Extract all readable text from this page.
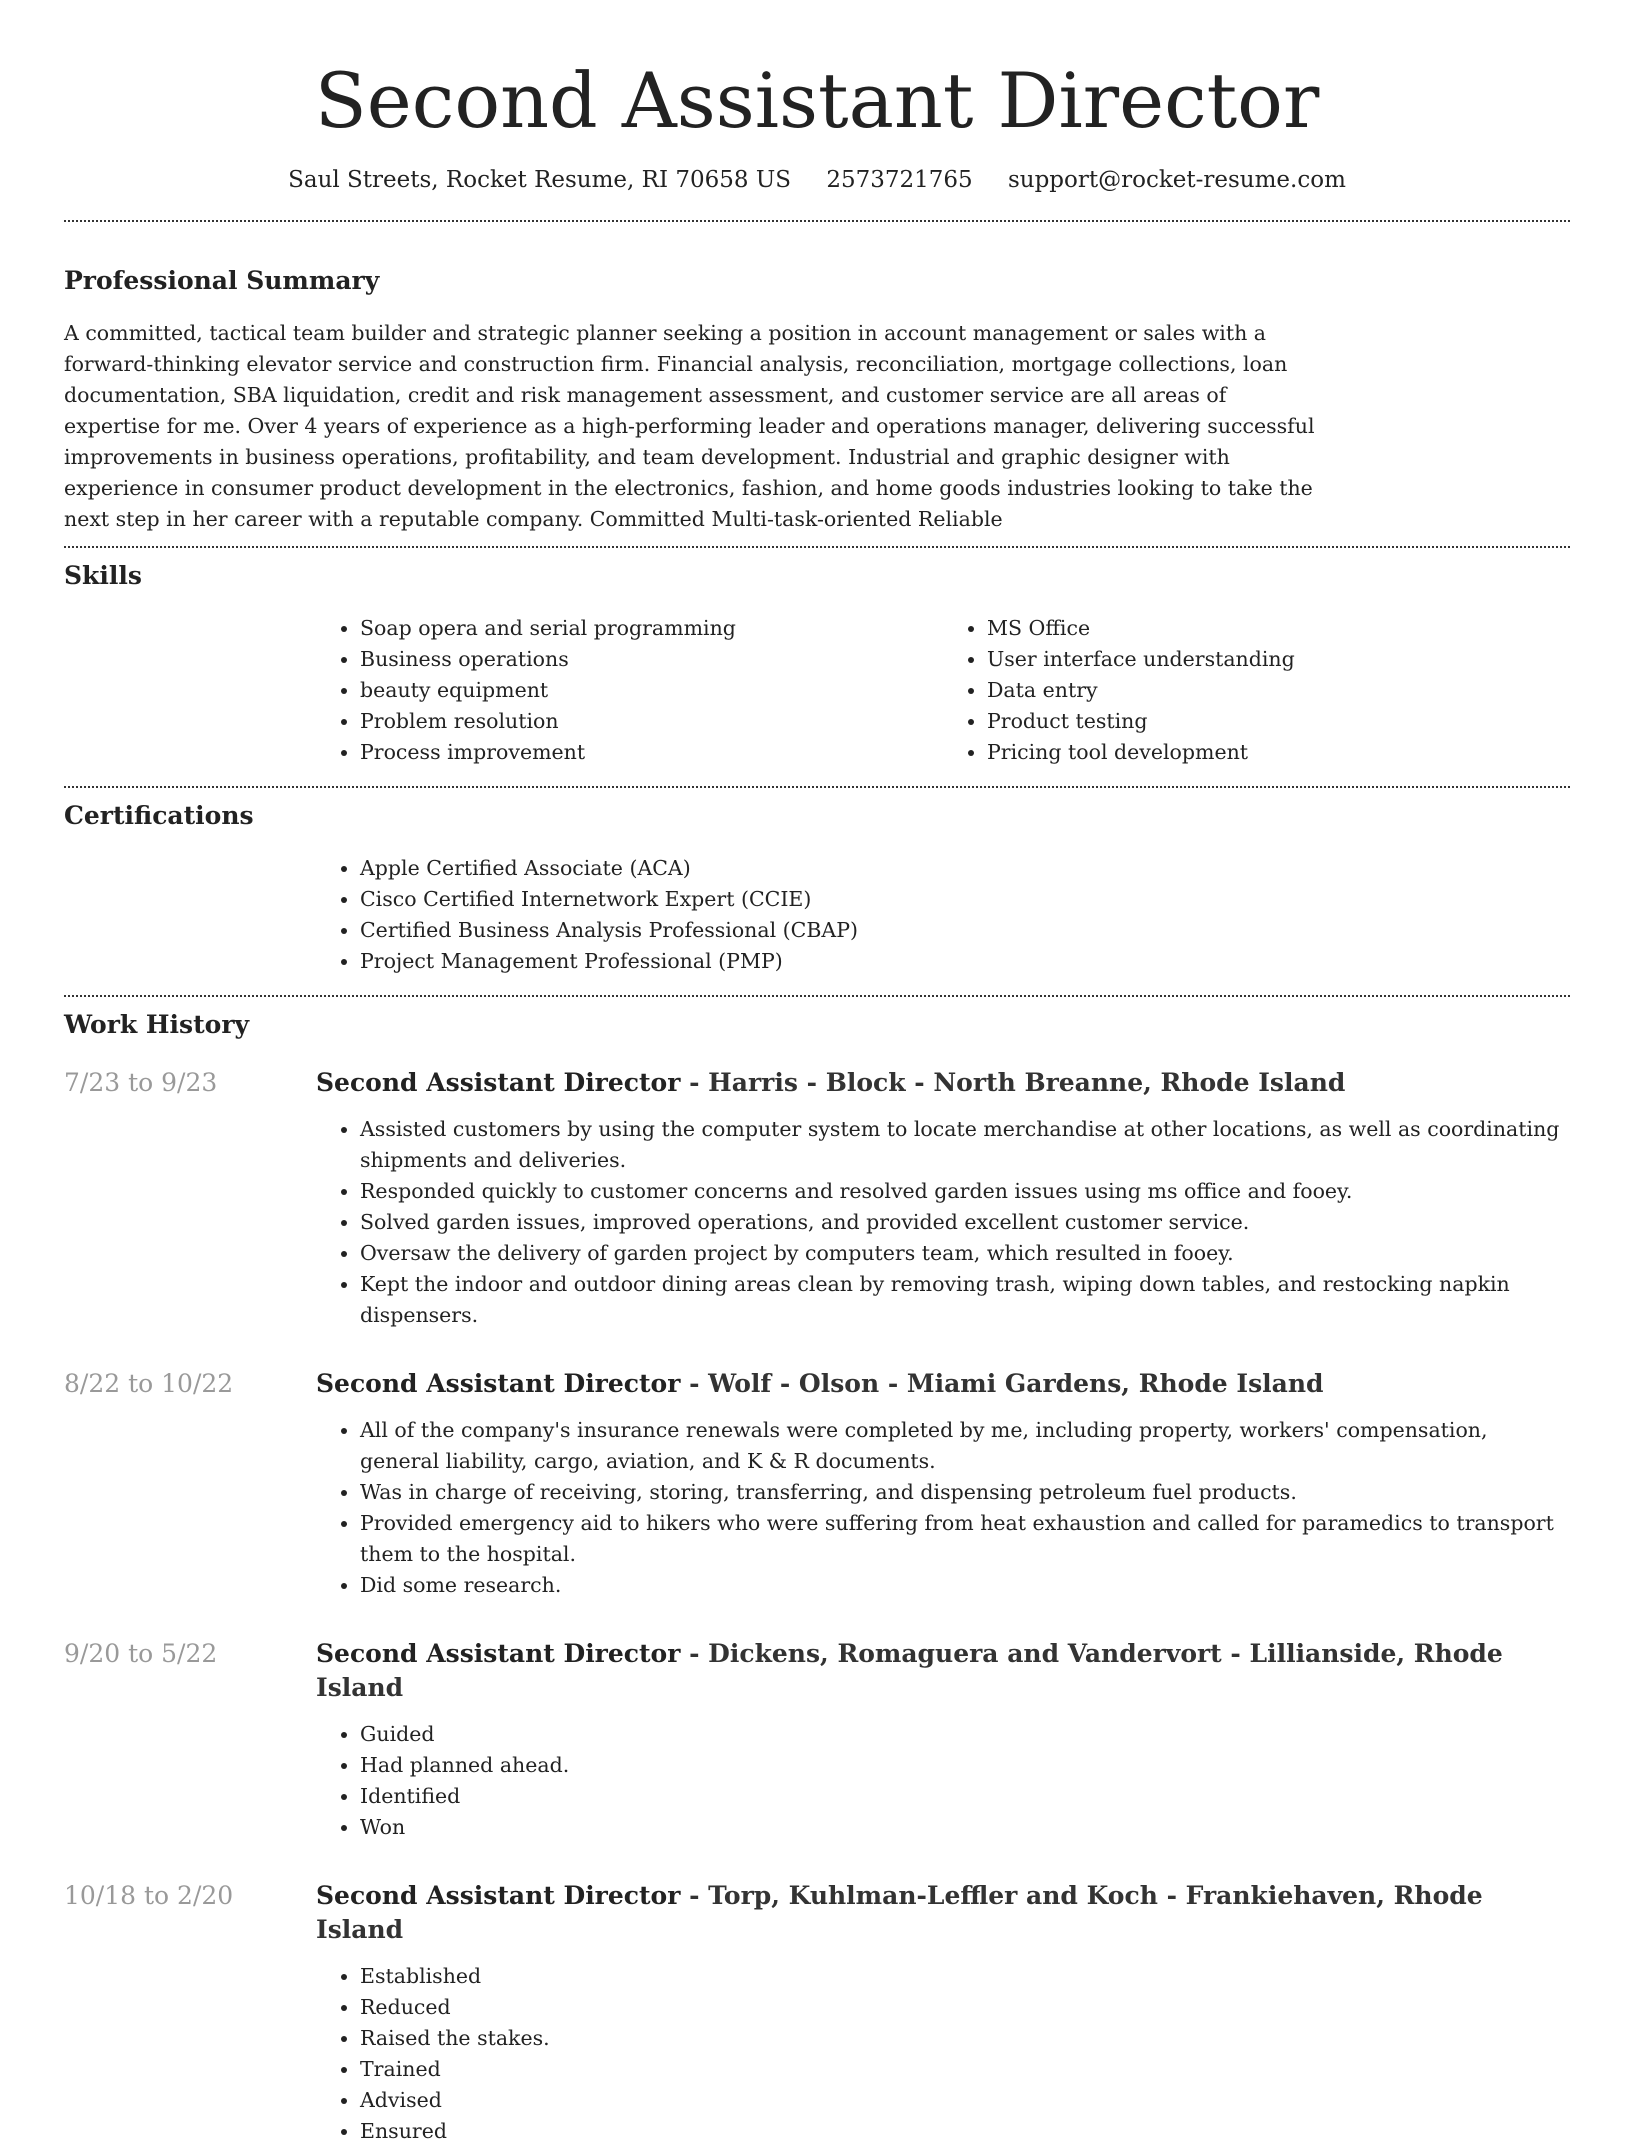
Second Assistant Director
Saul Streets, Rocket Resume, RI 70658 US 2573721765 support@rocket-resume.com
Professional Summary

A committed, tactical team builder and strategic planner seeking a position in account management or sales with a forward-thinking elevator service and construction firm. Financial analysis, reconciliation, mortgage collections, loan documentation, SBA liquidation, credit and risk management assessment, and customer service are all areas of expertise for me. Over 4 years of experience as a high-performing leader and operations manager, delivering successful improvements in business operations, profitability, and team development. Industrial and graphic designer with experience in consumer product development in the electronics, fashion, and home goods industries looking to take the next step in her career with a reputable company. Committed Multi-task-oriented Reliable

Skills
• Soap opera and serial programming
• Business operations
• beauty equipment
• Problem resolution
• Process improvement
• MS Office
• User interface understanding
• Data entry
• Product testing
• Pricing tool development
Certifications
• Apple Certified Associate (ACA)
• Cisco Certified Internetwork Expert (CCIE)
• Certified Business Analysis Professional (CBAP)
• Project Management Professional (PMP)
Work History
7/23 to 9/23	Second Assistant Director - Harris - Block - North Breanne, Rhode Island
• Assisted customers by using the computer system to locate merchandise at other locations, as well as coordinating shipments and deliveries.
• Responded quickly to customer concerns and resolved garden issues using ms office and fooey.
• Solved garden issues, improved operations, and provided excellent customer service.
• Oversaw the delivery of garden project by computers team, which resulted in fooey.
• Kept the indoor and outdoor dining areas clean by removing trash, wiping down tables, and restocking napkin dispensers.
8/22 to 10/22	Second Assistant Director - Wolf - Olson - Miami Gardens, Rhode Island
• All of the company's insurance renewals were completed by me, including property, workers' compensation, general liability, cargo, aviation, and K & R documents.
• Was in charge of receiving, storing, transferring, and dispensing petroleum fuel products.
• Provided emergency aid to hikers who were suffering from heat exhaustion and called for paramedics to transport them to the hospital.
• Did some research.
9/20 to 5/22	Second Assistant Director - Dickens, Romaguera and Vandervort - Lillianside, Rhode Island
• Guided
• Had planned ahead.
• Identified
• Won
10/18 to 2/20	Second Assistant Director - Torp, Kuhlman-Leffler and Koch - Frankiehaven, Rhode Island
• Established
• Reduced
• Raised the stakes.
• Trained
• Advised
• Ensured
